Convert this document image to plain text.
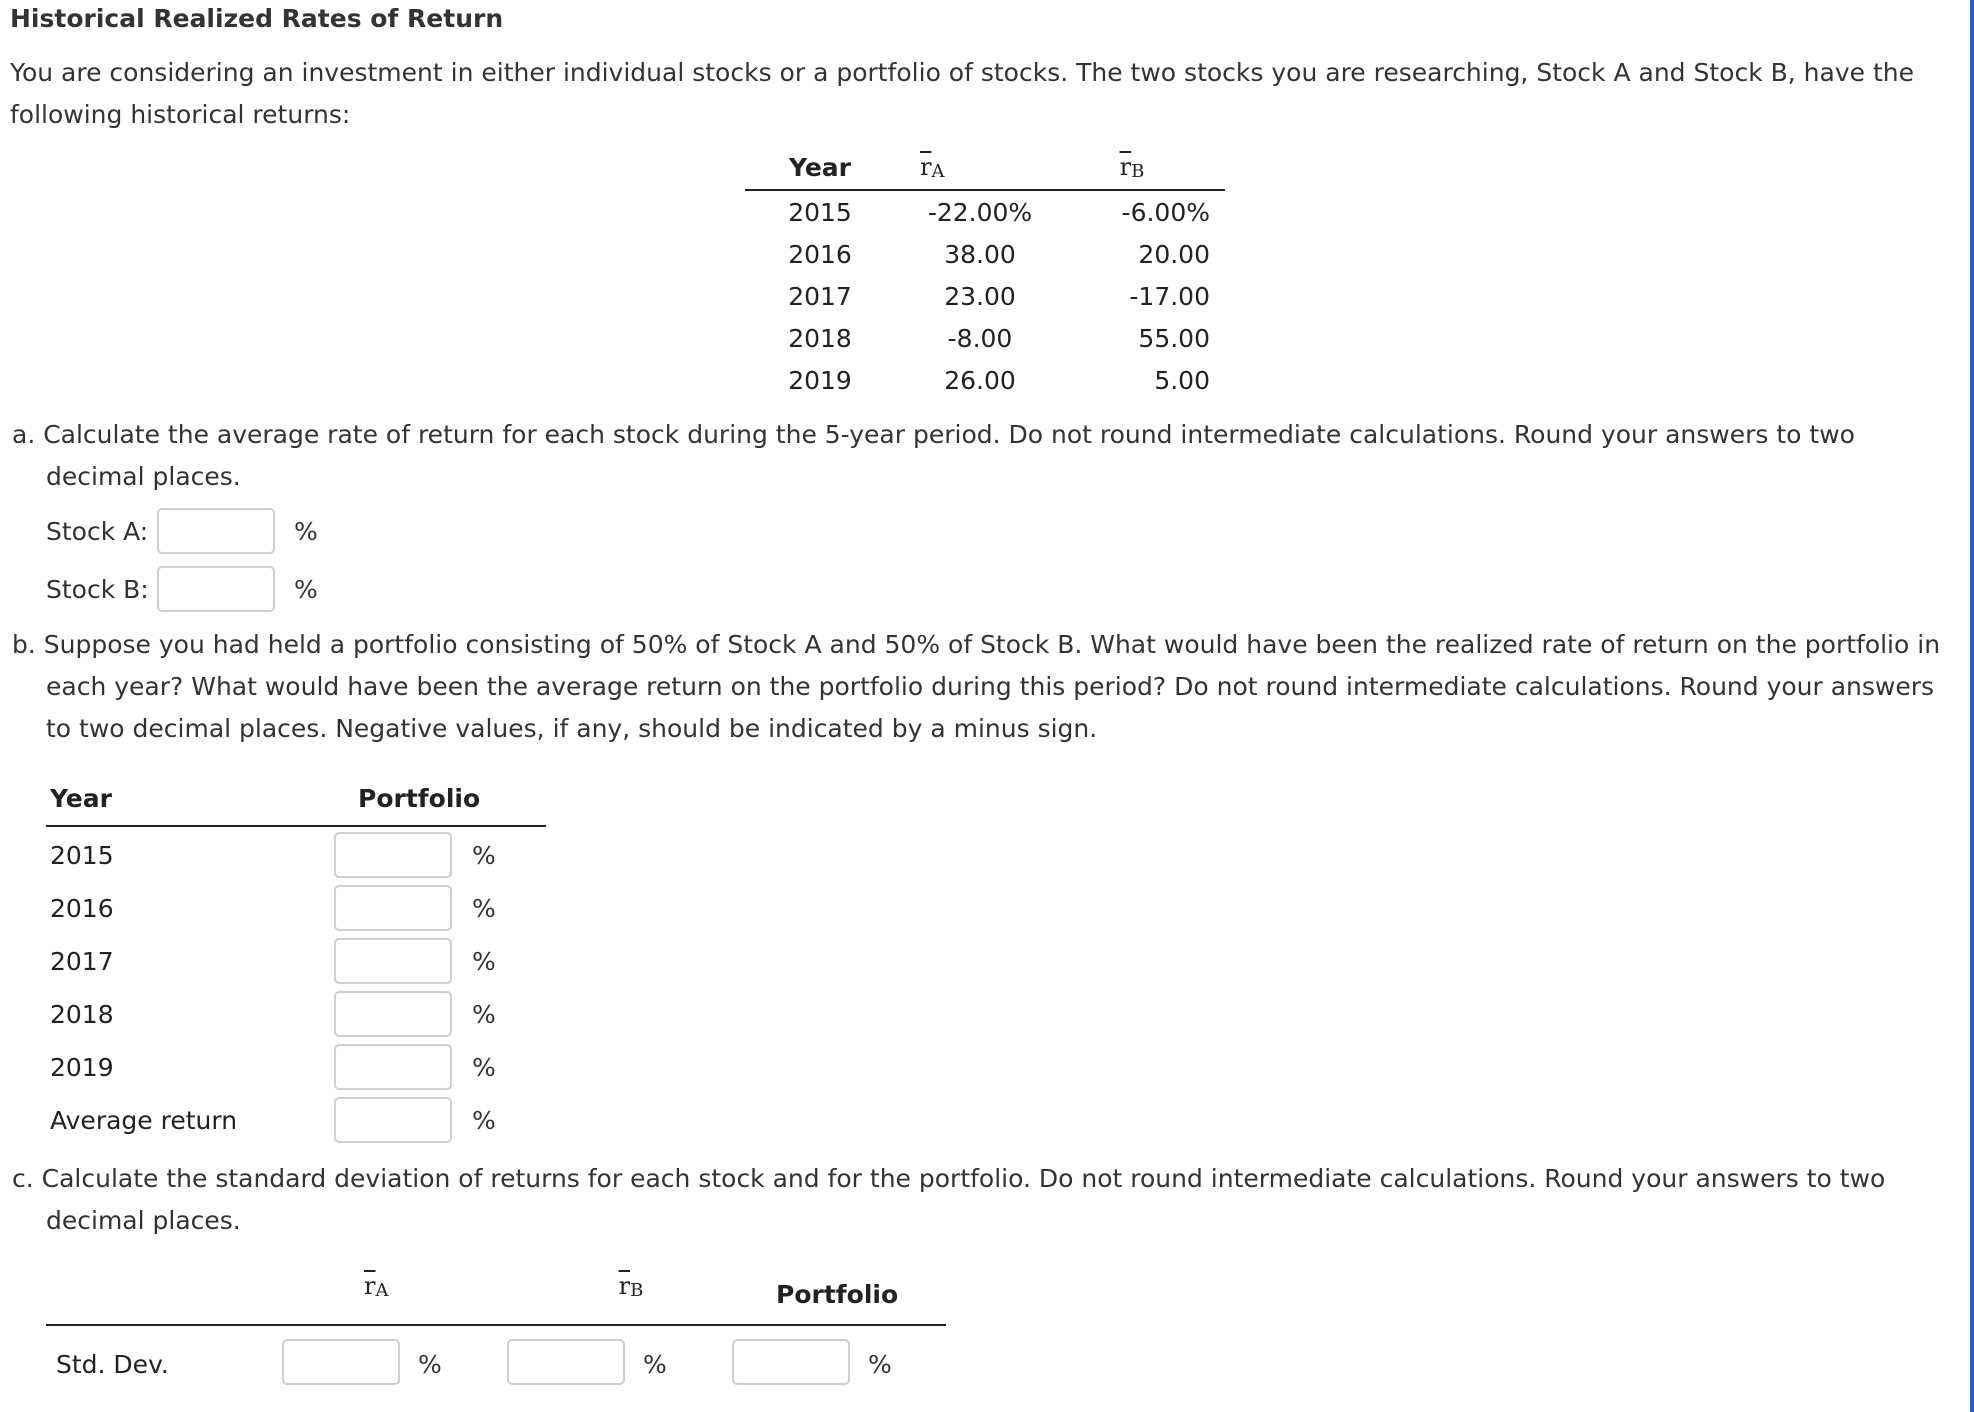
Historical Realized Rates of Return
You are considering an investment in either individual stocks or a portfolio of stocks. The two stocks you are researching, Stock A and Stock B, have the following historical returns:
Year	$\overline{r}_A$	$\overline{r}_B$
2015	-22.00%	-6.00%
2016	38.00	20.00
2017	23.00	-17.00
2018	-8.00	55.00
2019	26.00	5.00
a. Calculate the average rate of return for each stock during the 5-year period. Do not round intermediate calculations. Round your answers to two decimal places.
Stock A:	%
Stock B:	%
b. Suppose you had held a portfolio consisting of 50% of Stock A and 50% of Stock B. What would have been the realized rate of return on the portfolio in each year? What would have been the average return on the portfolio during this period? Do not round intermediate calculations. Round your answers to two decimal places. Negative values, if any, should be indicated by a minus sign.
Year	Portfolio
2015	%
2016	%
2017	%
2018	%
2019	%
Average return	%
c. Calculate the standard deviation of returns for each stock and for the portfolio. Do not round intermediate calculations. Round your answers to two decimal places.
$\overline{r}_A$	$\overline{r}_B$	Portfolio
Std. Dev.	%	%	%
